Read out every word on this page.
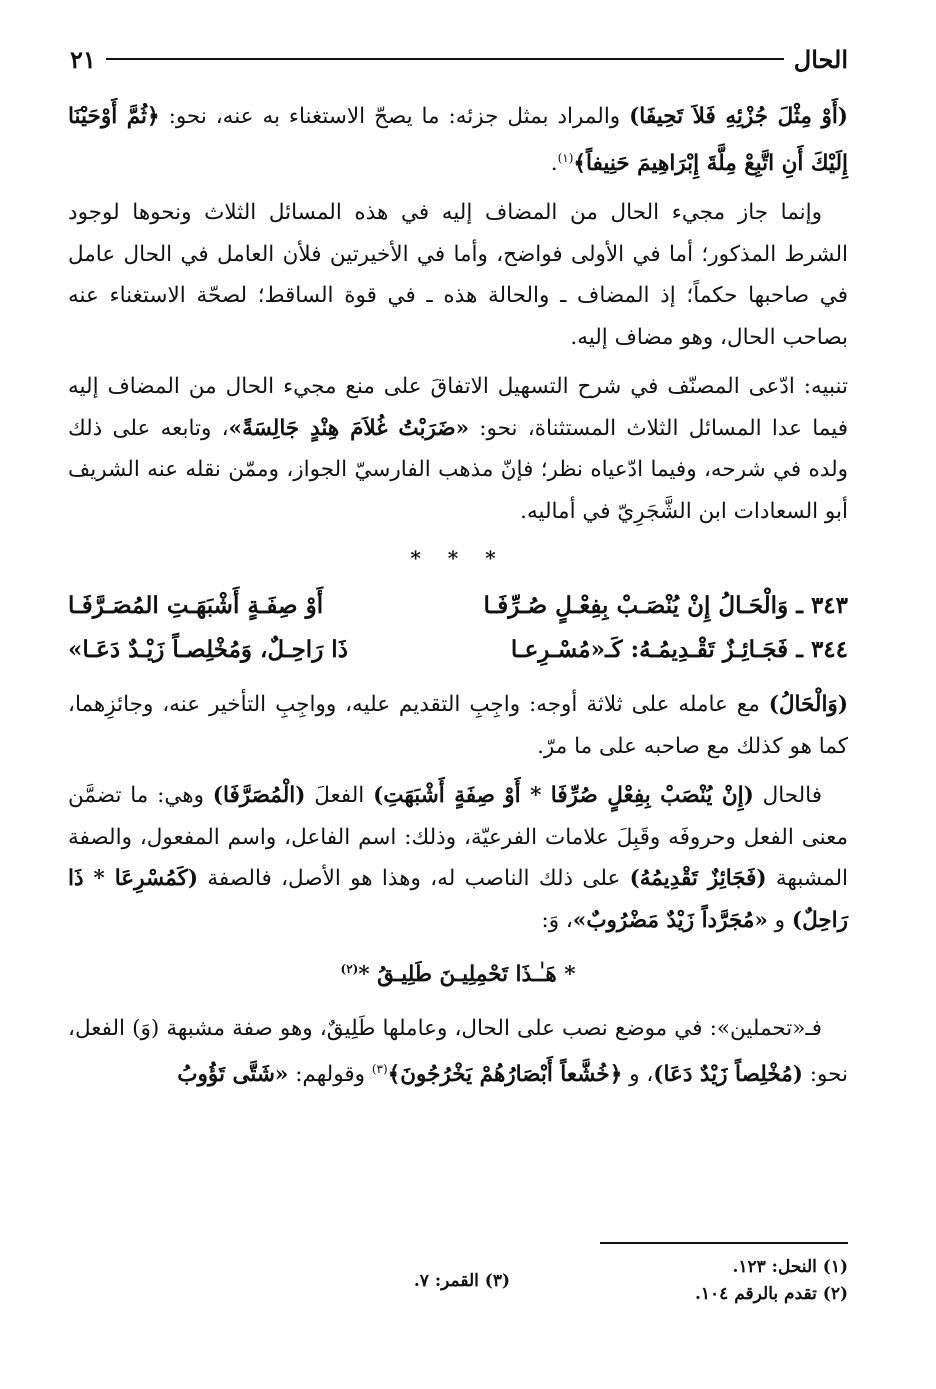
الحال
٢١

(أَوْ مِثْلَ جُزْئِهِ فَلاَ تَحِيفَا) والمراد بمثل جزئه: ما يصحّ الاستغناء به عنه، نحو: ﴿ثُمَّ أَوْحَيْنَا إِلَيْكَ أَنِ اتَّبِعْ مِلَّةَ إِبْرَاهِيمَ حَنِيفاً﴾$^{(١)}$.

وإنما جاز مجيء الحال من المضاف إليه في هذه المسائل الثلاث ونحوها لوجود الشرط المذكور؛ أما في الأولى فواضح، وأما في الأخيرتين فلأن العامل في الحال عامل في صاحبها حكماً؛ إذ المضاف ـ والحالة هذه ـ في قوة الساقط؛ لصحّة الاستغناء عنه بصاحب الحال، وهو مضاف إليه.

تنبيه: ادّعى المصنّف في شرح التسهيل الاتفاقَ على منع مجيء الحال من المضاف إليه فيما عدا المسائل الثلاث المستثناة، نحو: «ضَرَبْتُ غُلاَمَ هِنْدٍ جَالِسَةً»، وتابعه على ذلك ولده في شرحه، وفيما ادّعياه نظر؛ فإنّ مذهب الفارسيّ الجواز، وممّن نقله عنه الشريف أبو السعادات ابن الشَّجَرِيّ في أماليه.

* * *
٣٤٣ ـ وَالْحَـالُ إِنْ يُنْصَـبْ بِفِعْـلٍ صُـرِّفَـا
أَوْ صِفَـةٍ أَشْبَهَـتِ المُصَـرَّفَـا
٣٤٤ ـ فَجَـائِـزٌ تَقْـدِيمُـهُ: كَـ«مُسْـرِعـا
ذَا رَاحِـلٌ، وَمُخْلِصـاً زَيْـدٌ دَعَـا»

(وَالْحَالُ) مع عامله على ثلاثة أوجه: واجِبِ التقديم عليه، وواجِبِ التأخير عنه، وجائزِهما، كما هو كذلك مع صاحبه على ما مرّ.

فالحال (إِنْ يُنْصَبْ بِفِعْلٍ صُرِّفَا * أَوْ صِفَةٍ أَشْبَهَتِ) الفعلَ (الْمُصَرَّفَا) وهي: ما تضمَّن معنى الفعل وحروفَه وقَبِلَ علامات الفرعيّة، وذلك: اسم الفاعل، واسم المفعول، والصفة المشبهة (فَجَائِزٌ تَقْدِيمُهُ) على ذلك الناصب له، وهذا هو الأصل، فالصفة (كَمُسْرِعَا * ذَا رَاحِلٌ) و «مُجَرَّداً زَيْدٌ مَضْرُوبٌ»، وَ:

* هَـٰـذَا تَحْمِلِيـنَ طَلِيـقُ *$^{(٢)}$

فـ«تحملين»: في موضع نصب على الحال، وعاملها طَلِيقٌ، وهو صفة مشبهة (وَ) الفعل، نحو: (مُخْلِصاً زَيْدٌ دَعَا)، و ﴿خُشَّعاً أَبْصَارُهُمْ يَخْرُجُونَ﴾$^{(٣)}$ وقولهم: «شَتَّى تَؤُوبُ

(١) النحل: ١٢٣.
(٢) تقدم بالرقم ١٠٤.
(٣) القمر: ٧.
